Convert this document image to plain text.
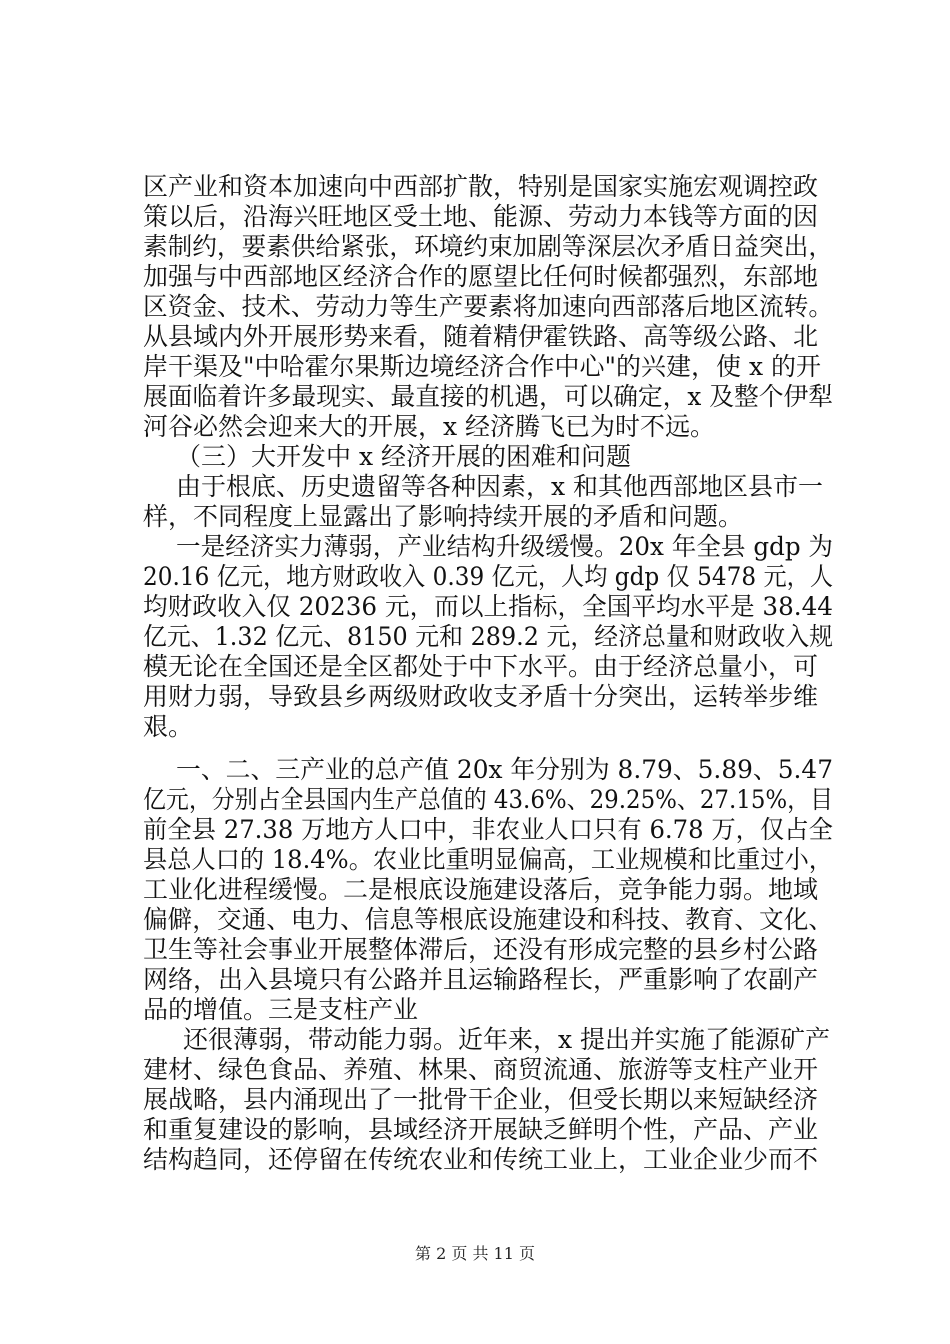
区产业和资本加速向中西部扩散，特别是国家实施宏观调控政
策以后，沿海兴旺地区受土地、能源、劳动力本钱等方面的因
素制约，要素供给紧张，环境约束加剧等深层次矛盾日益突出，
加强与中西部地区经济合作的愿望比任何时候都强烈，东部地
区资金、技术、劳动力等生产要素将加速向西部落后地区流转。
从县域内外开展形势来看，随着精伊霍铁路、高等级公路、北
岸干渠及"中哈霍尔果斯边境经济合作中心"的兴建，使 x 的开
展面临着许多最现实、最直接的机遇，可以确定，x 及整个伊犁
河谷必然会迎来大的开展，x 经济腾飞已为时不远。
（三）大开发中 x 经济开展的困难和问题
由于根底、历史遗留等各种因素，x 和其他西部地区县市一
样，不同程度上显露出了影响持续开展的矛盾和问题。
一是经济实力薄弱，产业结构升级缓慢。20x 年全县 gdp 为
20.16 亿元，地方财政收入 0.39 亿元，人均 gdp 仅 5478 元，人
均财政收入仅 20236 元，而以上指标，全国平均水平是 38.44
亿元、1.32 亿元、8150 元和 289.2 元，经济总量和财政收入规
模无论在全国还是全区都处于中下水平。由于经济总量小，可
用财力弱，导致县乡两级财政收支矛盾十分突出，运转举步维
艰。
一、二、三产业的总产值 20x 年分别为 8.79、5.89、5.47
亿元，分别占全县国内生产总值的 43.6%、29.25%、27.15%，目
前全县 27.38 万地方人口中，非农业人口只有 6.78 万，仅占全
县总人口的 18.4%。农业比重明显偏高，工业规模和比重过小，
工业化进程缓慢。二是根底设施建设落后，竞争能力弱。地域
偏僻，交通、电力、信息等根底设施建设和科技、教育、文化、
卫生等社会事业开展整体滞后，还没有形成完整的县乡村公路
网络，出入县境只有公路并且运输路程长，严重影响了农副产
品的增值。三是支柱产业
还很薄弱，带动能力弱。近年来，x 提出并实施了能源矿产
建材、绿色食品、养殖、林果、商贸流通、旅游等支柱产业开
展战略，县内涌现出了一批骨干企业，但受长期以来短缺经济
和重复建设的影响，县域经济开展缺乏鲜明个性，产品、产业
结构趋同，还停留在传统农业和传统工业上，工业企业少而不
第 2 页 共 11 页
